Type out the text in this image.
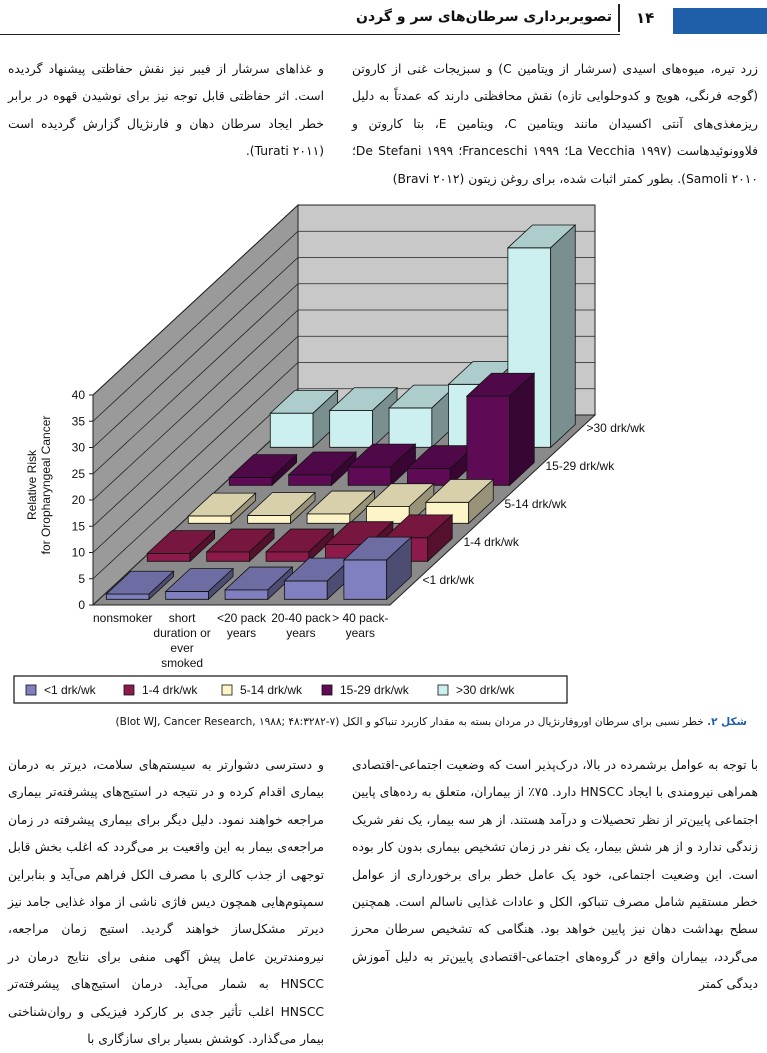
۱۴
تصویربرداری سرطان‌های سر و گردن

زرد تیره، میوه‌های اسیدی (سرشار از ویتامین C) و سبزیجات غنی از کاروتن (گوجه فرنگی، هویج و کدوحلوایی تازه) نقش محافظتی دارند که عمدتاً به دلیل ریزمغذی‌های آنتی اکسیدان مانند ویتامین C، ویتامین E، بتا کاروتن و فلاوونوئیدهاست (La Vecchia ۱۹۹۷؛ Franceschi ۱۹۹۹؛ De Stefani ۱۹۹۹؛ Samoli ۲۰۱۰). بطور کمتر اثبات شده، برای روغن زیتون (Bravi ۲۰۱۲)

و غذاهای سرشار از فیبر نیز نقش حفاظتی پیشنهاد گردیده است. اثر حفاظتی قابل توجه نیز برای نوشیدن قهوه در برابر خطر ایجاد سرطان دهان و فارنژیال گزارش گردیده است (Turati ۲۰۱۱).

0
5
10
15
20
25
30
35
40
Relative Risk for Oropharyngeal Cancer
nonsmoker short
duration or
ever
smoked
<20 pack
years
20-40 pack
years
> 40 pack-
years
<1 drk/wk
1-4 drk/wk
5-14 drk/wk
15-29 drk/wk
>30 drk/wk
<1 drk/wk	1-4 drk/wk	5-14 drk/wk	15-29 drk/wk	>30 drk/wk
شکل ۲. خطر نسبی برای سرطان اوروفارنژیال در مردان بسته به مقدار کاربرد تنباکو و الکل (۷-۴۸:۳۲۸۲ ;۱۹۸۸ ,Blot WJ, Cancer Research)

با توجه به عوامل برشمرده در بالا، درک‌پذیر است که وضعیت اجتماعی-اقتصادی همراهی نیرومندی با ایجاد HNSCC دارد. ۷۵٪ از بیماران، متعلق به رده‌های پایین اجتماعی پایین‌تر از نظر تحصیلات و درآمد هستند. از هر سه بیمار، یک نفر شریک زندگی ندارد و از هر شش بیمار، یک نفر در زمان تشخیص بیماری بدون کار بوده است. این وضعیت اجتماعی، خود یک عامل خطر برای برخورداری از عوامل خطر مستقیم شامل مصرف تنباکو، الکل و عادات غذایی ناسالم است. همچنین سطح بهداشت دهان نیز پایین خواهد بود. هنگامی که تشخیص سرطان محرز می‌گردد، بیماران واقع در گروه‌های اجتماعی-اقتصادی پایین‌تر به دلیل آموزش دیدگی کمتر

و دسترسی دشوارتر به سیستم‌های سلامت، دیرتر به درمان بیماری اقدام کرده و در نتیجه در استیج‌های پیشرفته‌تر بیماری مراجعه خواهند نمود. دلیل دیگر برای بیماری پیشرفته در زمان مراجعه‌ی بیمار به این واقعیت بر می‌گردد که اغلب بخش قابل توجهی از جذب کالری با مصرف الکل فراهم می‌آید و بنابراین سمپتوم‌هایی همچون دیس فاژی ناشی از مواد غذایی جامد نیز دیرتر مشکل‌ساز خواهند گردید. استیج زمان مراجعه، نیرومندترین عامل پیش آگهی منفی برای نتایج درمان در HNSCC به شمار می‌آید. درمان استیج‌های پیشرفته‌تر HNSCC اغلب تأثیر جدی بر کارکرد فیزیکی و روان‌شناختی بیمار می‌گذارد. کوشش بسیار برای سازگاری با
